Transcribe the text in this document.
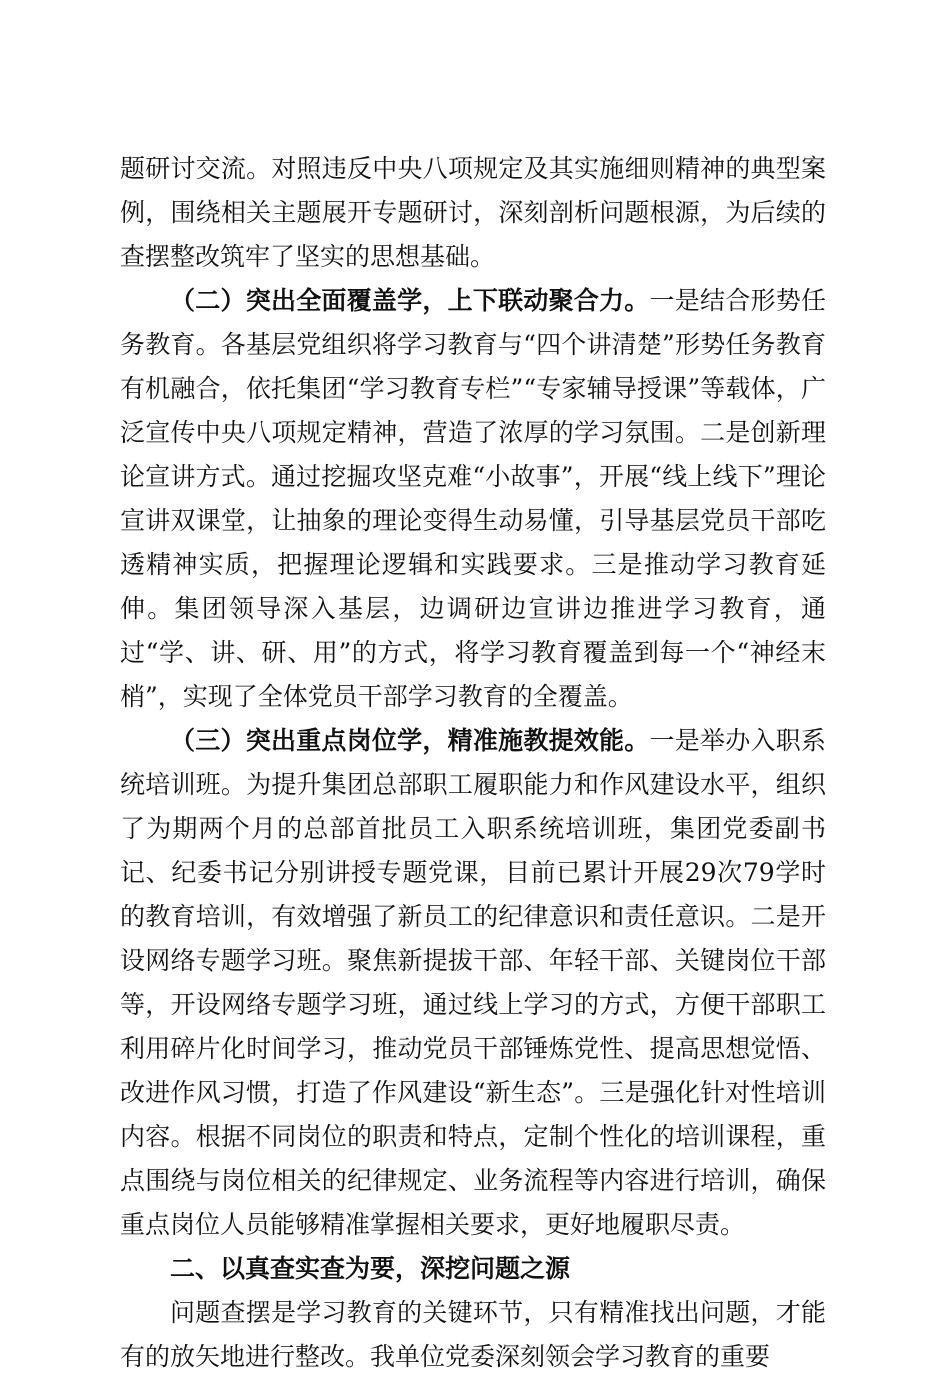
题研讨交流。对照违反中央八项规定及其实施细则精神的典型案例，围绕相关主题展开专题研讨，深刻剖析问题根源，为后续的查摆整改筑牢了坚实的思想基础。

（二）突出全面覆盖学，上下联动聚合力。一是结合形势任务教育。各基层党组织将学习教育与“四个讲清楚”形势任务教育有机融合，依托集团“学习教育专栏”“专家辅导授课”等载体，广泛宣传中央八项规定精神，营造了浓厚的学习氛围。二是创新理论宣讲方式。通过挖掘攻坚克难“小故事”，开展“线上线下”理论宣讲双课堂，让抽象的理论变得生动易懂，引导基层党员干部吃透精神实质，把握理论逻辑和实践要求。三是推动学习教育延伸。集团领导深入基层，边调研边宣讲边推进学习教育，通过“学、讲、研、用”的方式，将学习教育覆盖到每一个“神经末梢”，实现了全体党员干部学习教育的全覆盖。

（三）突出重点岗位学，精准施教提效能。一是举办入职系统培训班。为提升集团总部职工履职能力和作风建设水平，组织了为期两个月的总部首批员工入职系统培训班，集团党委副书记、纪委书记分别讲授专题党课，目前已累计开展29次79学时的教育培训，有效增强了新员工的纪律意识和责任意识。二是开设网络专题学习班。聚焦新提拔干部、年轻干部、关键岗位干部等，开设网络专题学习班，通过线上学习的方式，方便干部职工利用碎片化时间学习，推动党员干部锤炼党性、提高思想觉悟、改进作风习惯，打造了作风建设“新生态”。三是强化针对性培训内容。根据不同岗位的职责和特点，定制个性化的培训课程，重点围绕与岗位相关的纪律规定、业务流程等内容进行培训，确保重点岗位人员能够精准掌握相关要求，更好地履职尽责。

二、以真查实查为要，深挖问题之源

问题查摆是学习教育的关键环节，只有精准找出问题，才能有的放矢地进行整改。我单位党委深刻领会学习教育的重要
